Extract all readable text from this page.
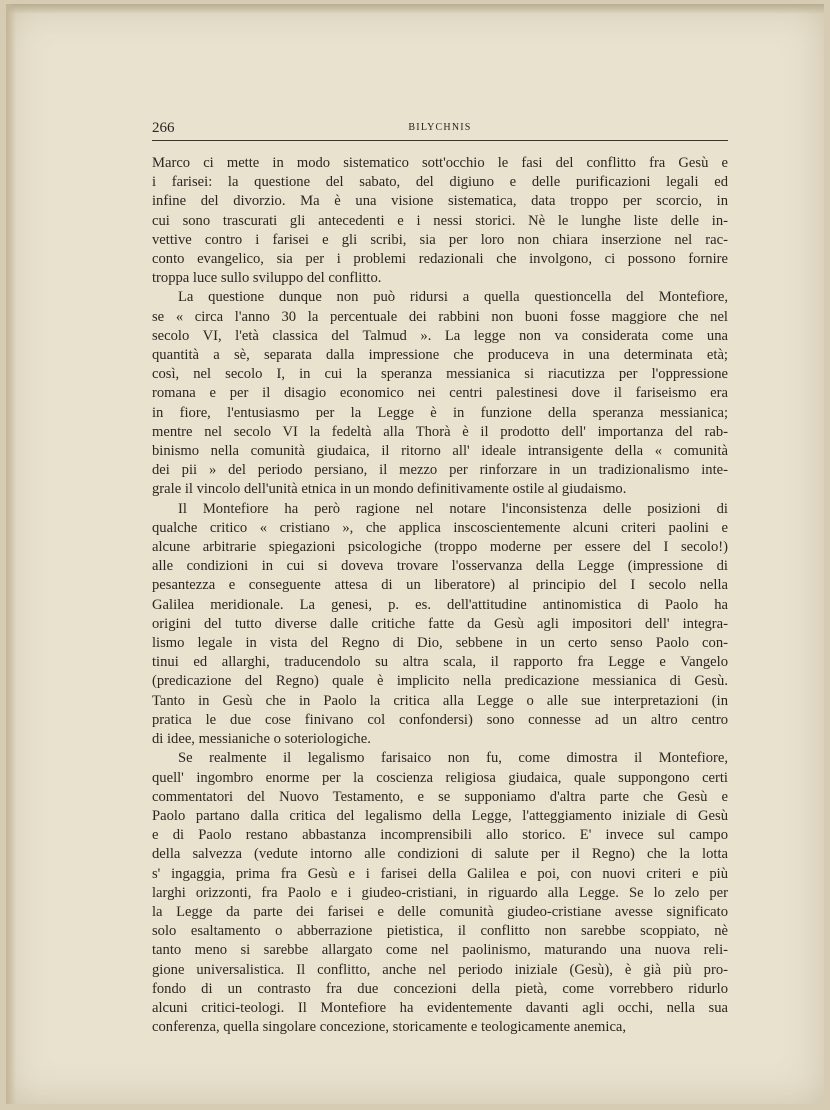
266	BILYCHNIS

Marco ci mette in modo sistematico sott'occhio le fasi del conflitto fra Gesù e
i farisei: la questione del sabato, del digiuno e delle purificazioni legali ed
infine del divorzio. Ma è una visione sistematica, data troppo per scorcio, in
cui sono trascurati gli antecedenti e i nessi storici. Nè le lunghe liste delle in-
vettive contro i farisei e gli scribi, sia per loro non chiara inserzione nel rac-
conto evangelico, sia per i problemi redazionali che involgono, ci possono fornire
troppa luce sullo sviluppo del conflitto.

La questione dunque non può ridursi a quella questioncella del Montefiore,
se « circa l'anno 30 la percentuale dei rabbini non buoni fosse maggiore che nel
secolo VI, l'età classica del Talmud ». La legge non va considerata come una
quantità a sè, separata dalla impressione che produceva in una determinata età;
così, nel secolo I, in cui la speranza messianica si riacutizza per l'oppressione
romana e per il disagio economico nei centri palestinesi dove il fariseismo era
in fiore, l'entusiasmo per la Legge è in funzione della speranza messianica;
mentre nel secolo VI la fedeltà alla Thorà è il prodotto dell' importanza del rab-
binismo nella comunità giudaica, il ritorno all' ideale intransigente della « comunità
dei pii » del periodo persiano, il mezzo per rinforzare in un tradizionalismo inte-
grale il vincolo dell'unità etnica in un mondo definitivamente ostile al giudaismo.

Il Montefiore ha però ragione nel notare l'inconsistenza delle posizioni di
qualche critico « cristiano », che applica inscoscientemente alcuni criteri paolini e
alcune arbitrarie spiegazioni psicologiche (troppo moderne per essere del I secolo!)
alle condizioni in cui si doveva trovare l'osservanza della Legge (impressione di
pesantezza e conseguente attesa di un liberatore) al principio del I secolo nella
Galilea meridionale. La genesi, p. es. dell'attitudine antinomistica di Paolo ha
origini del tutto diverse dalle critiche fatte da Gesù agli impositori dell' integra-
lismo legale in vista del Regno di Dio, sebbene in un certo senso Paolo con-
tinui ed allarghi, traducendolo su altra scala, il rapporto fra Legge e Vangelo
(predicazione del Regno) quale è implicito nella predicazione messianica di Gesù.
Tanto in Gesù che in Paolo la critica alla Legge o alle sue interpretazioni (in
pratica le due cose finivano col confondersi) sono connesse ad un altro centro
di idee, messianiche o soteriologiche.

Se realmente il legalismo farisaico non fu, come dimostra il Montefiore,
quell' ingombro enorme per la coscienza religiosa giudaica, quale suppongono certi
commentatori del Nuovo Testamento, e se supponiamo d'altra parte che Gesù e
Paolo partano dalla critica del legalismo della Legge, l'atteggiamento iniziale di Gesù
e di Paolo restano abbastanza incomprensibili allo storico. E' invece sul campo
della salvezza (vedute intorno alle condizioni di salute per il Regno) che la lotta
s' ingaggia, prima fra Gesù e i farisei della Galilea e poi, con nuovi criteri e più
larghi orizzonti, fra Paolo e i giudeo-cristiani, in riguardo alla Legge. Se lo zelo per
la Legge da parte dei farisei e delle comunità giudeo-cristiane avesse significato
solo esaltamento o abberrazione pietistica, il conflitto non sarebbe scoppiato, nè
tanto meno si sarebbe allargato come nel paolinismo, maturando una nuova reli-
gione universalistica. Il conflitto, anche nel periodo iniziale (Gesù), è già più pro-
fondo di un contrasto fra due concezioni della pietà, come vorrebbero ridurlo
alcuni critici-teologi. Il Montefiore ha evidentemente davanti agli occhi, nella sua
conferenza, quella singolare concezione, storicamente e teologicamente anemica,
